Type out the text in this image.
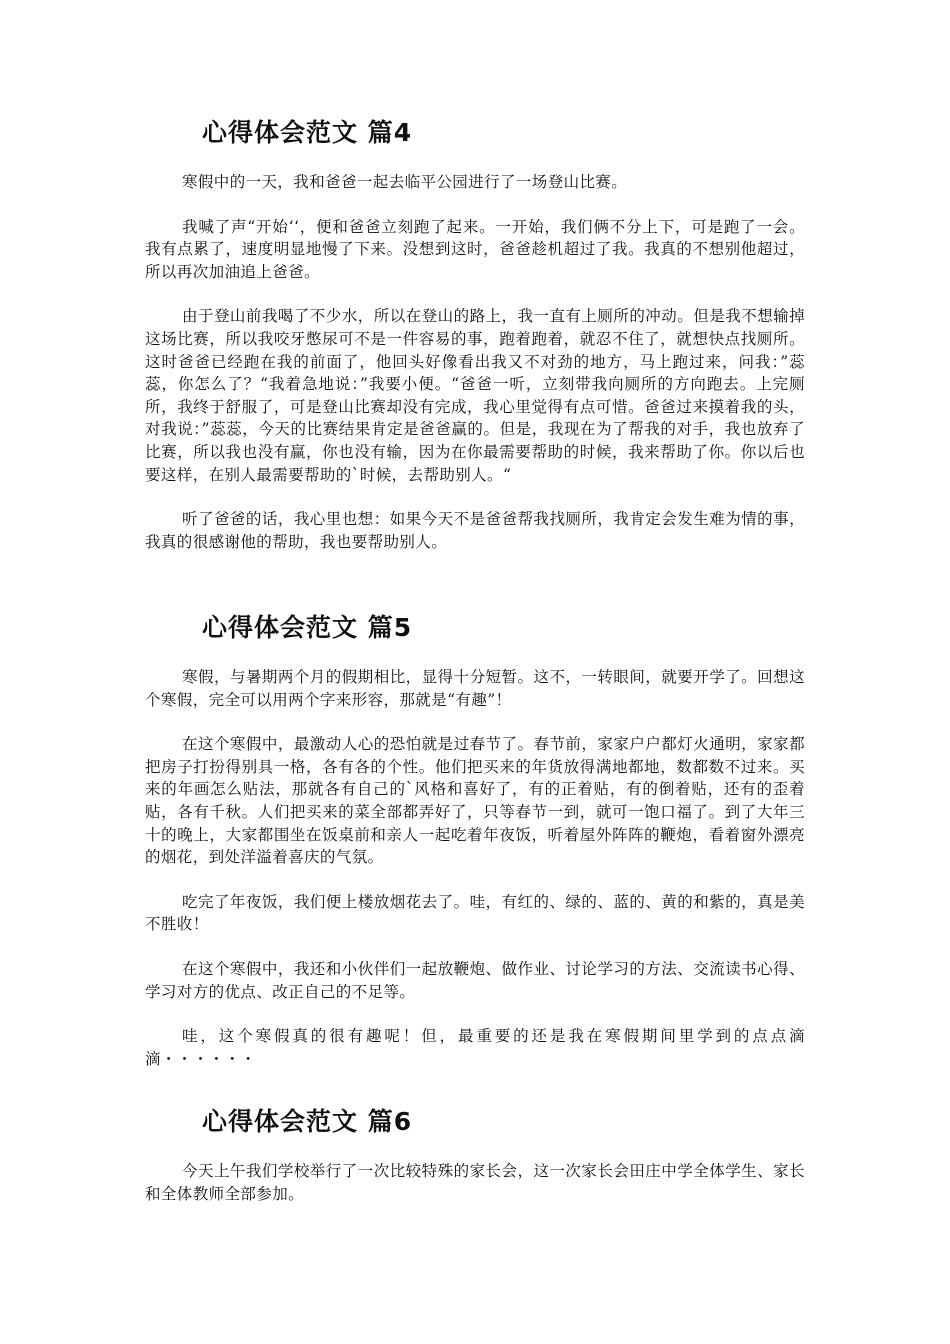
心得体会范文 篇4

寒假中的一天，我和爸爸一起去临平公园进行了一场登山比赛。

我喊了声“开始‘‘，便和爸爸立刻跑了起来。一开始，我们俩不分上下，可是跑了一会。我有点累了，速度明显地慢了下来。没想到这时，爸爸趁机超过了我。我真的不想别他超过，所以再次加油追上爸爸。

由于登山前我喝了不少水，所以在登山的路上，我一直有上厕所的冲动。但是我不想输掉这场比赛，所以我咬牙憋尿可不是一件容易的事，跑着跑着，就忍不住了，就想快点找厕所。这时爸爸已经跑在我的前面了，他回头好像看出我又不对劲的地方，马上跑过来，问我：”蕊蕊，你怎么了？“我着急地说：”我要小便。“爸爸一听，立刻带我向厕所的方向跑去。上完厕所，我终于舒服了，可是登山比赛却没有完成，我心里觉得有点可惜。爸爸过来摸着我的头，对我说：”蕊蕊，今天的比赛结果肯定是爸爸赢的。但是，我现在为了帮我的对手，我也放弃了比赛，所以我也没有赢，你也没有输，因为在你最需要帮助的时候，我来帮助了你。你以后也要这样，在别人最需要帮助的`时候，去帮助别人。“

听了爸爸的话，我心里也想：如果今天不是爸爸帮我找厕所，我肯定会发生难为情的事，我真的很感谢他的帮助，我也要帮助别人。

心得体会范文 篇5

寒假，与暑期两个月的假期相比，显得十分短暂。这不，一转眼间，就要开学了。回想这个寒假，完全可以用两个字来形容，那就是“有趣”！

在这个寒假中，最激动人心的恐怕就是过春节了。春节前，家家户户都灯火通明，家家都把房子打扮得别具一格，各有各的个性。他们把买来的年货放得满地都地，数都数不过来。买来的年画怎么贴法，那就各有自己的`风格和喜好了，有的正着贴，有的倒着贴，还有的歪着贴，各有千秋。人们把买来的菜全部都弄好了，只等春节一到，就可一饱口福了。到了大年三十的晚上，大家都围坐在饭桌前和亲人一起吃着年夜饭，听着屋外阵阵的鞭炮，看着窗外漂亮的烟花，到处洋溢着喜庆的气氛。

吃完了年夜饭，我们便上楼放烟花去了。哇，有红的、绿的、蓝的、黄的和紫的，真是美不胜收！

在这个寒假中，我还和小伙伴们一起放鞭炮、做作业、讨论学习的方法、交流读书心得、学习对方的优点、改正自己的不足等。

哇，这个寒假真的很有趣呢！但，最重要的还是我在寒假期间里学到的点点滴滴・・・・・・

心得体会范文 篇6

今天上午我们学校举行了一次比较特殊的家长会，这一次家长会田庄中学全体学生、家长和全体教师全部参加。
